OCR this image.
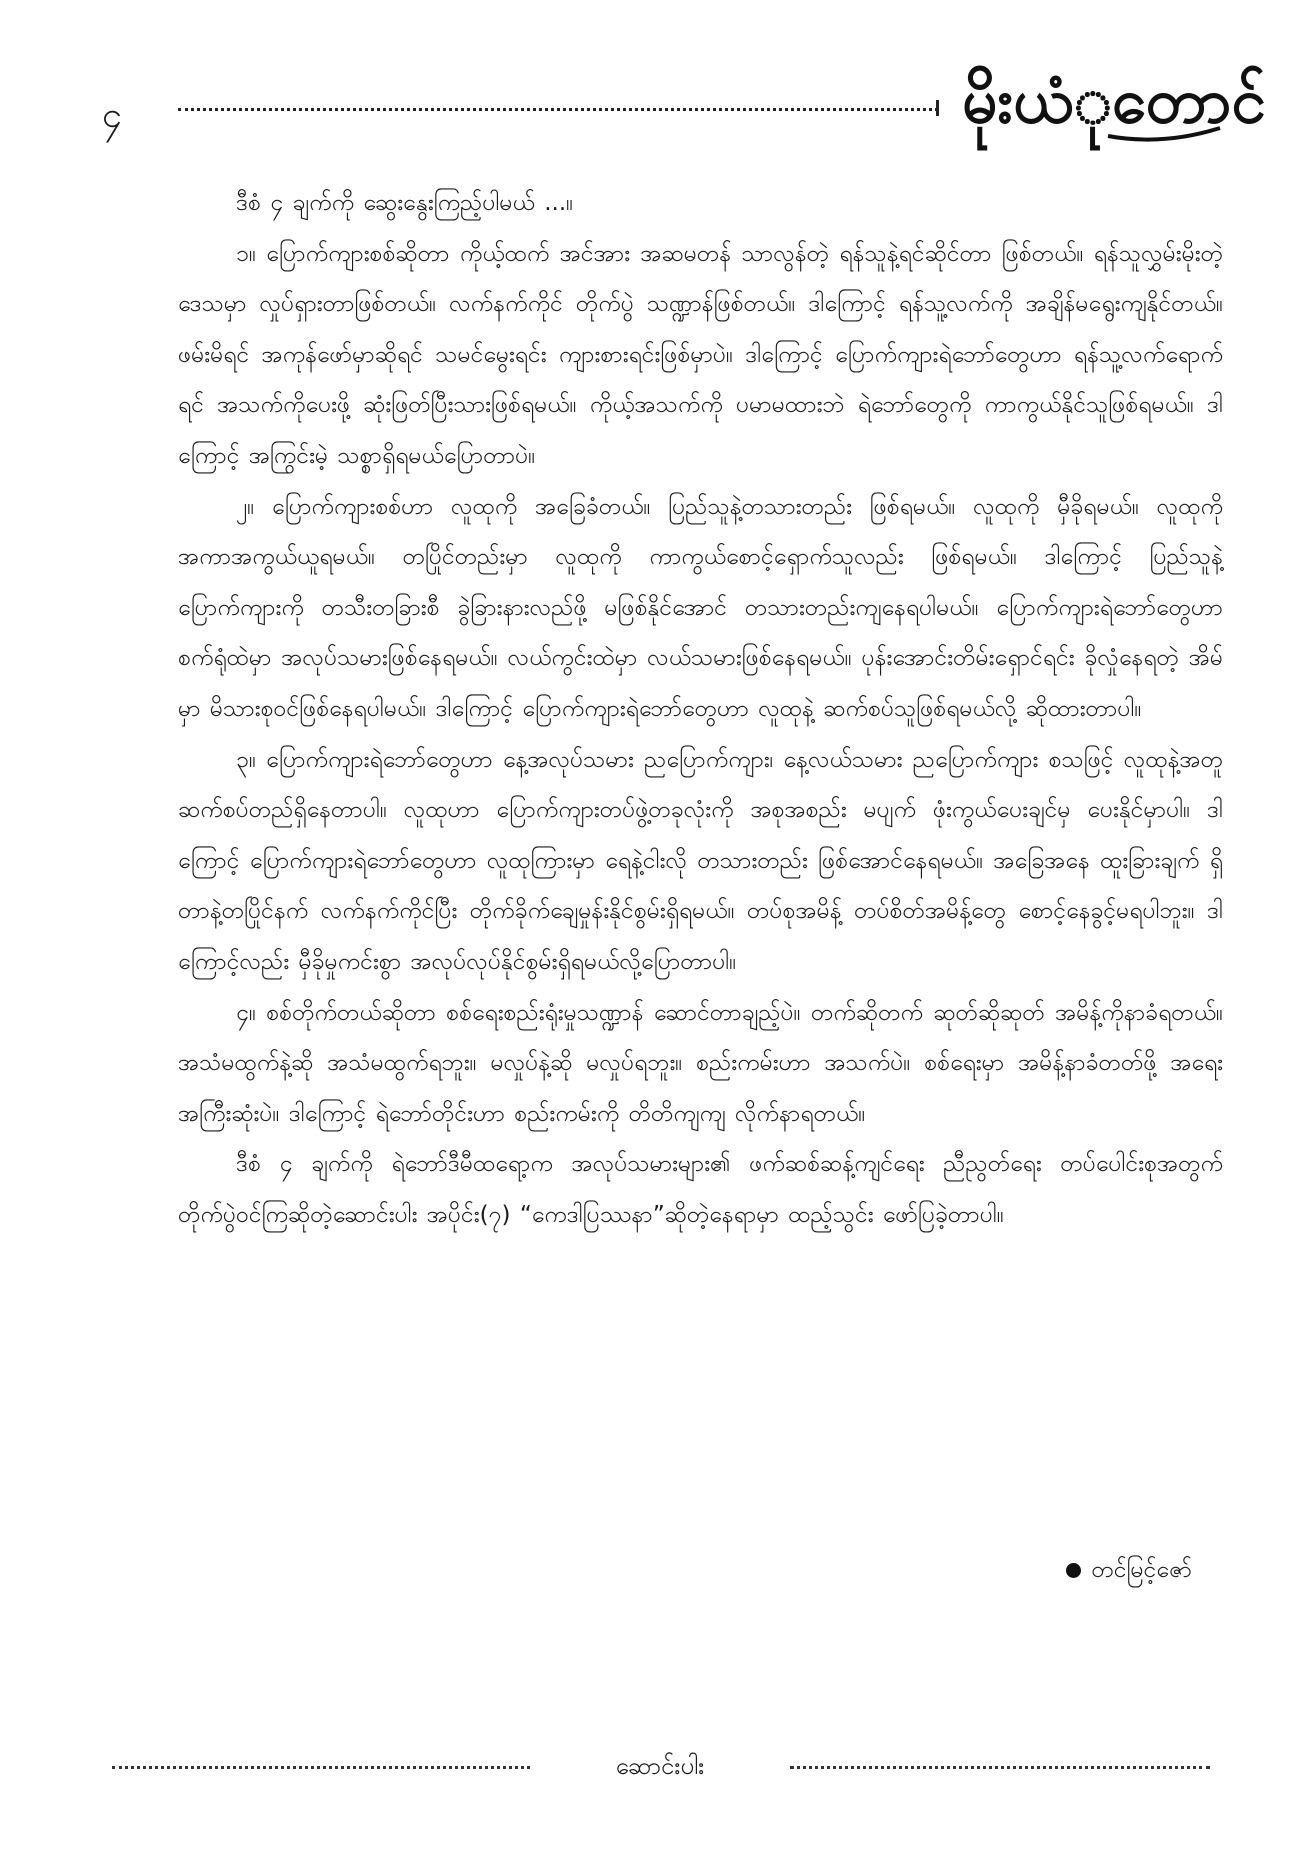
၄	မိုးယံုတောင်

ဒီစံ ၄ ချက်ကို ဆွေးနွေးကြည့်ပါမယ် ...။

၁။ ပြောက်ကျားစစ်ဆိုတာ ကိုယ့်ထက် အင်အား အဆမတန် သာလွန်တဲ့ ရန်သူနဲ့ရင်ဆိုင်တာ ဖြစ်တယ်။ ရန်သူလွှမ်းမိုးတဲ့ဒေသမှာ လှုပ်ရှားတာဖြစ်တယ်။ လက်နက်ကိုင် တိုက်ပွဲ သဏ္ဍာန်ဖြစ်တယ်။ ဒါကြောင့် ရန်သူ့လက်ကို အချိန်မရွေးကျနိုင်တယ်။ ဖမ်းမိရင် အကုန်ဖော်မှာဆိုရင် သမင်မွေးရင်း ကျားစားရင်းဖြစ်မှာပဲ။ ဒါကြောင့် ပြောက်ကျားရဲဘော်တွေဟာ ရန်သူ့လက်ရောက်ရင် အသက်ကိုပေးဖို့ ဆုံးဖြတ်ပြီးသားဖြစ်ရမယ်။ ကိုယ့်အသက်ကို ပမာမထားဘဲ ရဲဘော်တွေကို ကာကွယ်နိုင်သူဖြစ်ရမယ်။ ဒါကြောင့် အကြွင်းမဲ့ သစ္စာရှိရမယ်ပြောတာပဲ။

၂။ ပြောက်ကျားစစ်ဟာ လူထုကို အခြေခံတယ်။ ပြည်သူနဲ့တသားတည်း ဖြစ်ရမယ်။ လူထုကို မှီခိုရမယ်။ လူထုကို အကာအကွယ်ယူရမယ်။ တပြိုင်တည်းမှာ လူထုကို ကာကွယ်စောင့်ရှောက်သူလည်း ဖြစ်ရမယ်။ ဒါကြောင့် ပြည်သူနဲ့ ပြောက်ကျားကို တသီးတခြားစီ ခွဲခြားနားလည်ဖို့ မဖြစ်နိုင်အောင် တသားတည်းကျနေရပါမယ်။ ပြောက်ကျားရဲဘော်တွေဟာ စက်ရုံထဲမှာ အလုပ်သမားဖြစ်နေရမယ်။ လယ်ကွင်းထဲမှာ လယ်သမားဖြစ်နေရမယ်။ ပုန်းအောင်းတိမ်းရှောင်ရင်း ခိုလှုံနေရတဲ့ အိမ်မှာ မိသားစုဝင်ဖြစ်နေရပါမယ်။ ဒါကြောင့် ပြောက်ကျားရဲဘော်တွေဟာ လူထုနဲ့ ဆက်စပ်သူဖြစ်ရမယ်လို့ ဆိုထားတာပါ။

၃။ ပြောက်ကျားရဲဘော်တွေဟာ နေ့အလုပ်သမား ညပြောက်ကျား၊ နေ့လယ်သမား ညပြောက်ကျား စသဖြင့် လူထုနဲ့အတူ ဆက်စပ်တည်ရှိနေတာပါ။ လူထုဟာ ပြောက်ကျားတပ်ဖွဲ့တခုလုံးကို အစုအစည်း မပျက် ဖုံးကွယ်ပေးချင်မှ ပေးနိုင်မှာပါ။ ဒါကြောင့် ပြောက်ကျားရဲဘော်တွေဟာ လူထုကြားမှာ ရေနဲ့ငါးလို တသားတည်း ဖြစ်အောင်နေရမယ်။ အခြေအနေ ထူးခြားချက် ရှိတာနဲ့တပြိုင်နက် လက်နက်ကိုင်ပြီး တိုက်ခိုက်ချေမှုန်းနိုင်စွမ်းရှိရမယ်။ တပ်စုအမိန့် တပ်စိတ်အမိန့်တွေ စောင့်နေခွင့်မရပါဘူး။ ဒါကြောင့်လည်း မှီခိုမှုကင်းစွာ အလုပ်လုပ်နိုင်စွမ်းရှိရမယ်လို့ပြောတာပါ။

၄။ စစ်တိုက်တယ်ဆိုတာ စစ်ရေးစည်းရုံးမှုသဏ္ဍာန် ဆောင်တာချည့်ပဲ။ တက်ဆိုတက် ဆုတ်ဆိုဆုတ် အမိန့်ကိုနာခံရတယ်။ အသံမထွက်နဲ့ဆို အသံမထွက်ရဘူး။ မလှုပ်နဲ့ဆို မလှုပ်ရဘူး။ စည်းကမ်းဟာ အသက်ပဲ။ စစ်ရေးမှာ အမိန့်နာခံတတ်ဖို့ အရေးအကြီးဆုံးပဲ။ ဒါကြောင့် ရဲဘော်တိုင်းဟာ စည်းကမ်းကို တိတိကျကျ လိုက်နာရတယ်။

ဒီစံ ၄ ချက်ကို ရဲဘော်ဒီမီထရော့က အလုပ်သမားများ၏ ဖက်ဆစ်ဆန့်ကျင်ရေး ညီညွတ်ရေး တပ်ပေါင်းစုအတွက် တိုက်ပွဲဝင်ကြဆိုတဲ့ဆောင်းပါး အပိုင်း(၇) “ကေဒါပြဿနာ”ဆိုတဲ့နေရာမှာ ထည့်သွင်း ဖော်ပြခဲ့တာပါ။

တင်မြင့်ဇော်
ဆောင်းပါး
